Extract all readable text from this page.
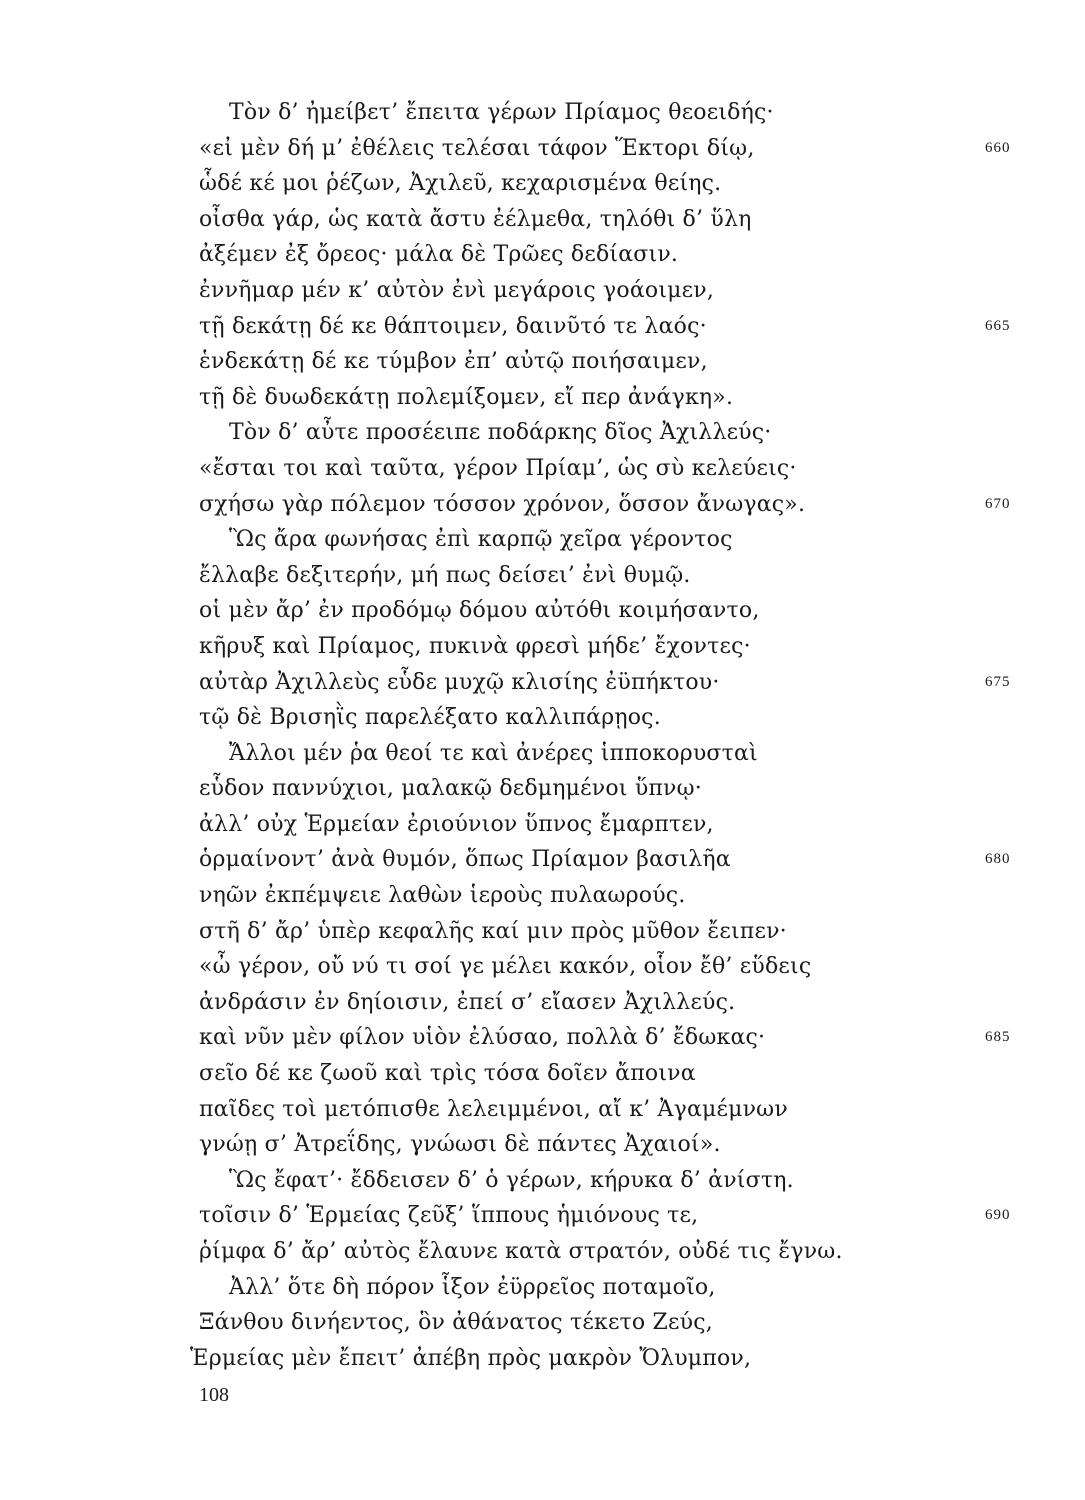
Τὸν δ’ ἠμείβετ’ ἔπειτα γέρων Πρίαμος θεοειδής·
«εἰ μὲν δή μ’ ἐθέλεις τελέσαι τάφον Ἕκτορι δίῳ,	660
ὧδέ κέ μοι ῥέζων, Ἀχιλεῦ, κεχαρισμένα θείης.
οἶσθα γάρ, ὡς κατὰ ἄστυ ἐέλμεθα, τηλόθι δ’ ὕλη
ἀξέμεν ἐξ ὄρεος· μάλα δὲ Τρῶες δεδίασιν.
ἐννῆμαρ μέν κ’ αὐτὸν ἐνὶ μεγάροις γοάοιμεν,
τῇ δεκάτῃ δέ κε θάπτοιμεν, δαινῦτό τε λαός·	665
ἑνδεκάτῃ δέ κε τύμβον ἐπ’ αὐτῷ ποιήσαιμεν,
τῇ δὲ δυωδεκάτῃ πολεμίξομεν, εἴ περ ἀνάγκη».
Τὸν δ’ αὖτε προσέειπε ποδάρκης δῖος Ἀχιλλεύς·
«ἔσται τοι καὶ ταῦτα, γέρον Πρίαμ’, ὡς σὺ κελεύεις·
σχήσω γὰρ πόλεμον τόσσον χρόνον, ὅσσον ἄνωγας».	670
Ὣς ἄρα φωνήσας ἐπὶ καρπῷ χεῖρα γέροντος
ἔλλαβε δεξιτερήν, μή πως δείσει’ ἐνὶ θυμῷ.
οἱ μὲν ἄρ’ ἐν προδόμῳ δόμου αὐτόθι κοιμήσαντο,
κῆρυξ καὶ Πρίαμος, πυκινὰ φρεσὶ μήδε’ ἔχοντες·
αὐτὰρ Ἀχιλλεὺς εὗδε μυχῷ κλισίης ἐϋπήκτου·	675
τῷ δὲ Βρισηῒς παρελέξατο καλλιπάρῃος.
Ἄλλοι μέν ῥα θεοί τε καὶ ἀνέρες ἱπποκορυσταὶ
εὗδον παννύχιοι, μαλακῷ δεδμημένοι ὕπνῳ·
ἀλλ’ οὐχ Ἑρμείαν ἐριούνιον ὕπνος ἔμαρπτεν,
ὁρμαίνοντ’ ἀνὰ θυμόν, ὅπως Πρίαμον βασιλῆα	680
νηῶν ἐκπέμψειε λαθὼν ἱεροὺς πυλαωρούς.
στῆ δ’ ἄρ’ ὑπὲρ κεφαλῆς καί μιν πρὸς μῦθον ἔειπεν·
«ὦ γέρον, οὔ νύ τι σοί γε μέλει κακόν, οἷον ἔθ’ εὕδεις
ἀνδράσιν ἐν δηίοισιν, ἐπεί σ’ εἴασεν Ἀχιλλεύς.
καὶ νῦν μὲν φίλον υἱὸν ἐλύσαο, πολλὰ δ’ ἔδωκας·	685
σεῖο δέ κε ζωοῦ καὶ τρὶς τόσα δοῖεν ἄποινα
παῖδες τοὶ μετόπισθε λελειμμένοι, αἴ κ’ Ἀγαμέμνων
γνώῃ σ’ Ἀτρεΐδης, γνώωσι δὲ πάντες Ἀχαιοί».
Ὣς ἔφατ’· ἔδδεισεν δ’ ὁ γέρων, κήρυκα δ’ ἀνίστη.
τοῖσιν δ’ Ἑρμείας ζεῦξ’ ἵππους ἡμιόνους τε,	690
ῥίμφα δ’ ἄρ’ αὐτὸς ἔλαυνε κατὰ στρατόν, οὐδέ τις ἔγνω.
Ἀλλ’ ὅτε δὴ πόρον ἷξον ἐϋρρεῖος ποταμοῖο,
Ξάνθου δινήεντος, ὃν ἀθάνατος τέκετο Ζεύς,
Ἑρμείας μὲν ἔπειτ’ ἀπέβη πρὸς μακρὸν Ὄλυμπον,
108
